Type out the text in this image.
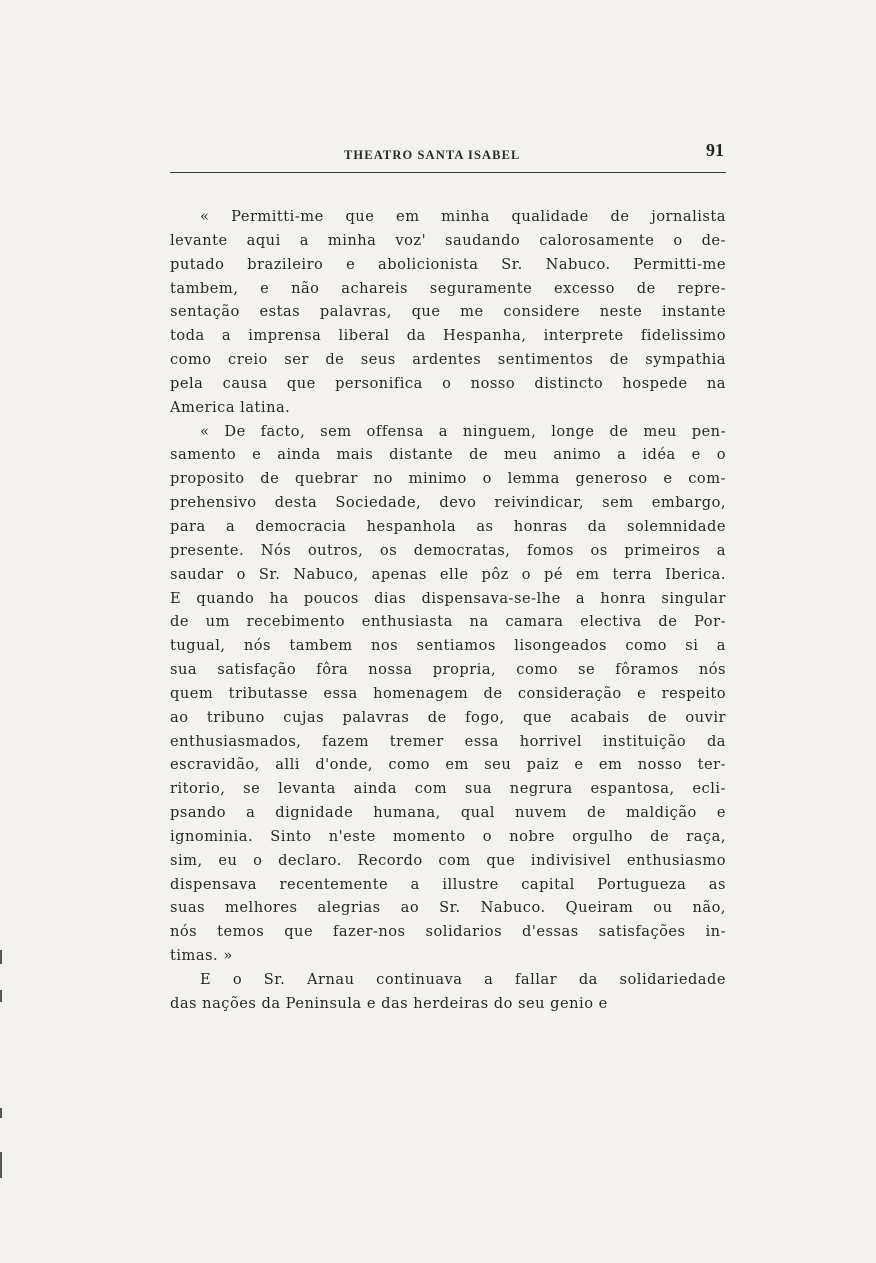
THEATRO SANTA ISABEL	91

« Permitti-me que em minha qualidade de jornalista
levante aqui a minha voz' saudando calorosamente o de-
putado brazileiro e abolicionista Sr. Nabuco. Permitti-me
tambem, e não achareis seguramente excesso de repre-
sentação estas palavras, que me considere neste instante
toda a imprensa liberal da Hespanha, interprete fidelissimo
como creio ser de seus ardentes sentimentos de sympathia
pela causa que personifica o nosso distincto hospede na
America latina.

« De facto, sem offensa a ninguem, longe de meu pen-
samento e ainda mais distante de meu animo a idéa e o
proposito de quebrar no minimo o lemma generoso e com-
prehensivo desta Sociedade, devo reivindicar, sem embargo,
para a democracia hespanhola as honras da solemnidade
presente. Nós outros, os democratas, fomos os primeiros a
saudar o Sr. Nabuco, apenas elle pôz o pé em terra Iberica.
E quando ha poucos dias dispensava-se-lhe a honra singular
de um recebimento enthusiasta na camara electiva de Por-
tugual, nós tambem nos sentiamos lisongeados como si a
sua satisfação fôra nossa propria, como se fôramos nós
quem tributasse essa homenagem de consideração e respeito
ao tribuno cujas palavras de fogo, que acabais de ouvir
enthusiasmados, fazem tremer essa horrivel instituição da
escravidão, alli d'onde, como em seu paiz e em nosso ter-
ritorio, se levanta ainda com sua negrura espantosa, ecli-
psando a dignidade humana, qual nuvem de maldição e
ignominia. Sinto n'este momento o nobre orgulho de raça,
sim, eu o declaro. Recordo com que indivisivel enthusiasmo
dispensava recentemente a illustre capital Portugueza as
suas melhores alegrias ao Sr. Nabuco. Queiram ou não,
nós temos que fazer-nos solidarios d'essas satisfações in-
timas. »

E o Sr. Arnau continuava a fallar da solidariedade
das nações da Peninsula e das herdeiras do seu genio e
